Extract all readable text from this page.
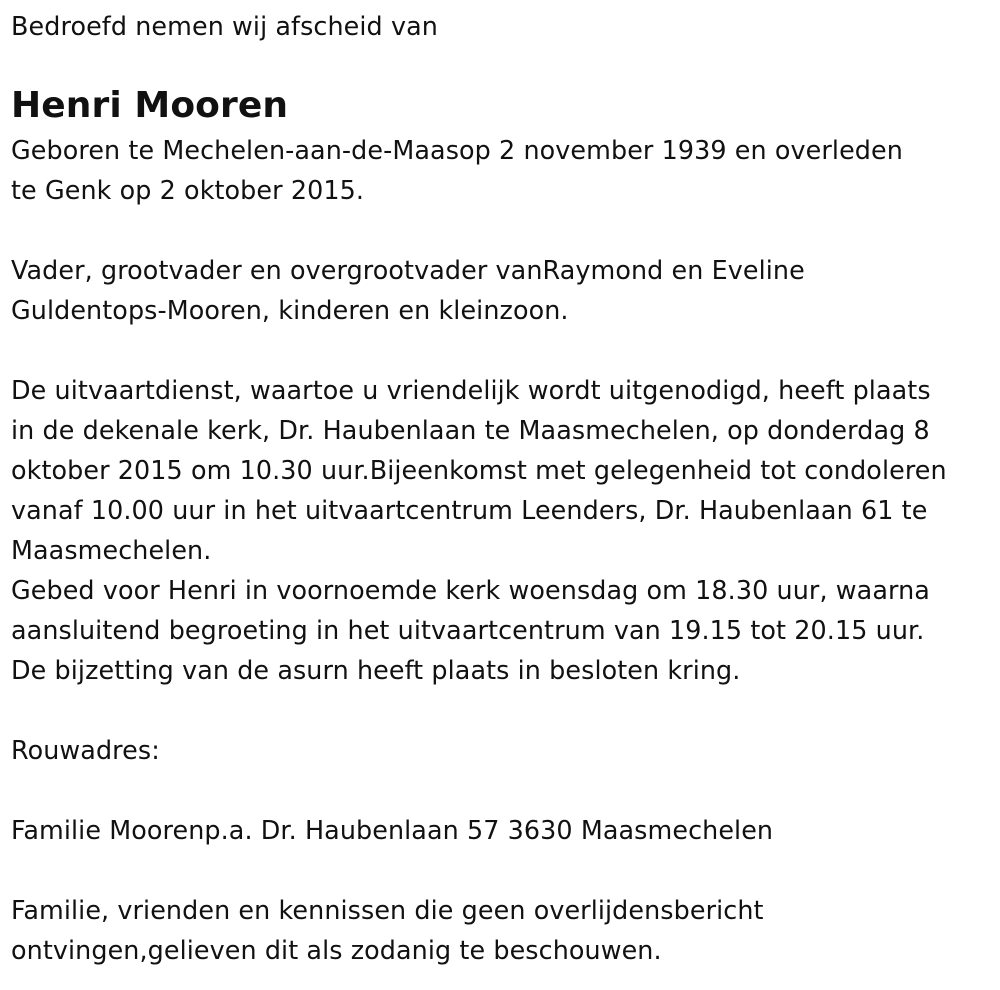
Bedroefd nemen wij afscheid van
Henri Mooren
Geboren te Mechelen-aan-de-Maasop 2 november 1939 en overleden
te Genk op 2 oktober 2015.
Vader, grootvader en overgrootvader vanRaymond en Eveline
Guldentops-Mooren, kinderen en kleinzoon.
De uitvaartdienst, waartoe u vriendelijk wordt uitgenodigd, heeft plaats
in de dekenale kerk, Dr. Haubenlaan te Maasmechelen, op donderdag 8
oktober 2015 om 10.30 uur.Bijeenkomst met gelegenheid tot condoleren
vanaf 10.00 uur in het uitvaartcentrum Leenders, Dr. Haubenlaan 61 te
Maasmechelen.
Gebed voor Henri in voornoemde kerk woensdag om 18.30 uur, waarna
aansluitend begroeting in het uitvaartcentrum van 19.15 tot 20.15 uur.
De bijzetting van de asurn heeft plaats in besloten kring.
Rouwadres:
Familie Moorenp.a. Dr. Haubenlaan 57 3630 Maasmechelen
Familie, vrienden en kennissen die geen overlijdensbericht
ontvingen,gelieven dit als zodanig te beschouwen.
